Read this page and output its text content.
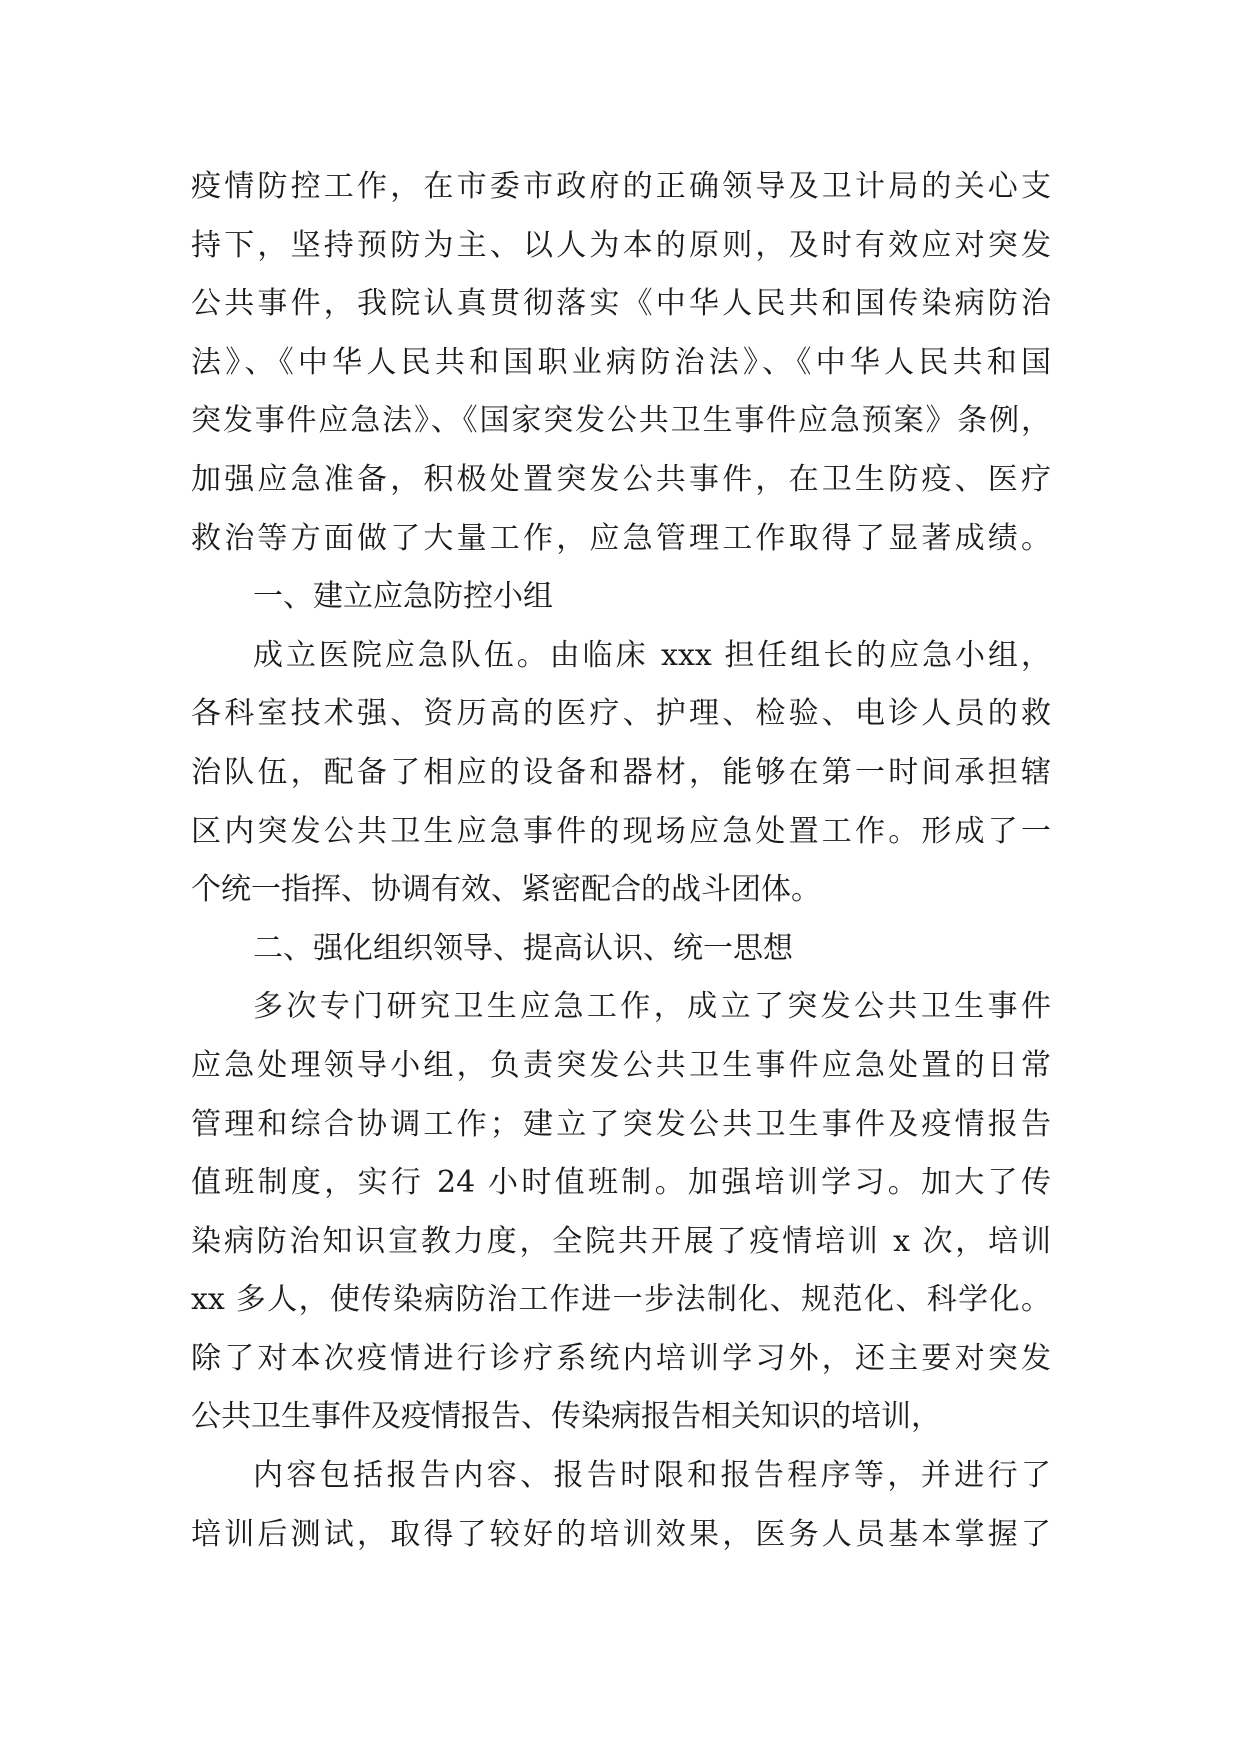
疫情防控工作，在市委市政府的正确领导及卫计局的关心支
持下，坚持预防为主、以人为本的原则，及时有效应对突发
公共事件，我院认真贯彻落实《中华人民共和国传染病防治
法》、《中华人民共和国职业病防治法》、《中华人民共和国
突发事件应急法》、《国家突发公共卫生事件应急预案》条例，
加强应急准备，积极处置突发公共事件，在卫生防疫、医疗
救治等方面做了大量工作，应急管理工作取得了显著成绩。
一、建立应急防控小组
成立医院应急队伍。由临床 xxx 担任组长的应急小组，
各科室技术强、资历高的医疗、护理、检验、电诊人员的救
治队伍，配备了相应的设备和器材，能够在第一时间承担辖
区内突发公共卫生应急事件的现场应急处置工作。形成了一
个统一指挥、协调有效、紧密配合的战斗团体。
二、强化组织领导、提高认识、统一思想
多次专门研究卫生应急工作，成立了突发公共卫生事件
应急处理领导小组，负责突发公共卫生事件应急处置的日常
管理和综合协调工作；建立了突发公共卫生事件及疫情报告
值班制度，实行 24 小时值班制。加强培训学习。加大了传
染病防治知识宣教力度，全院共开展了疫情培训 x 次，培训
xx 多人，使传染病防治工作进一步法制化、规范化、科学化。
除了对本次疫情进行诊疗系统内培训学习外，还主要对突发
公共卫生事件及疫情报告、传染病报告相关知识的培训，
内容包括报告内容、报告时限和报告程序等，并进行了
培训后测试，取得了较好的培训效果，医务人员基本掌握了
